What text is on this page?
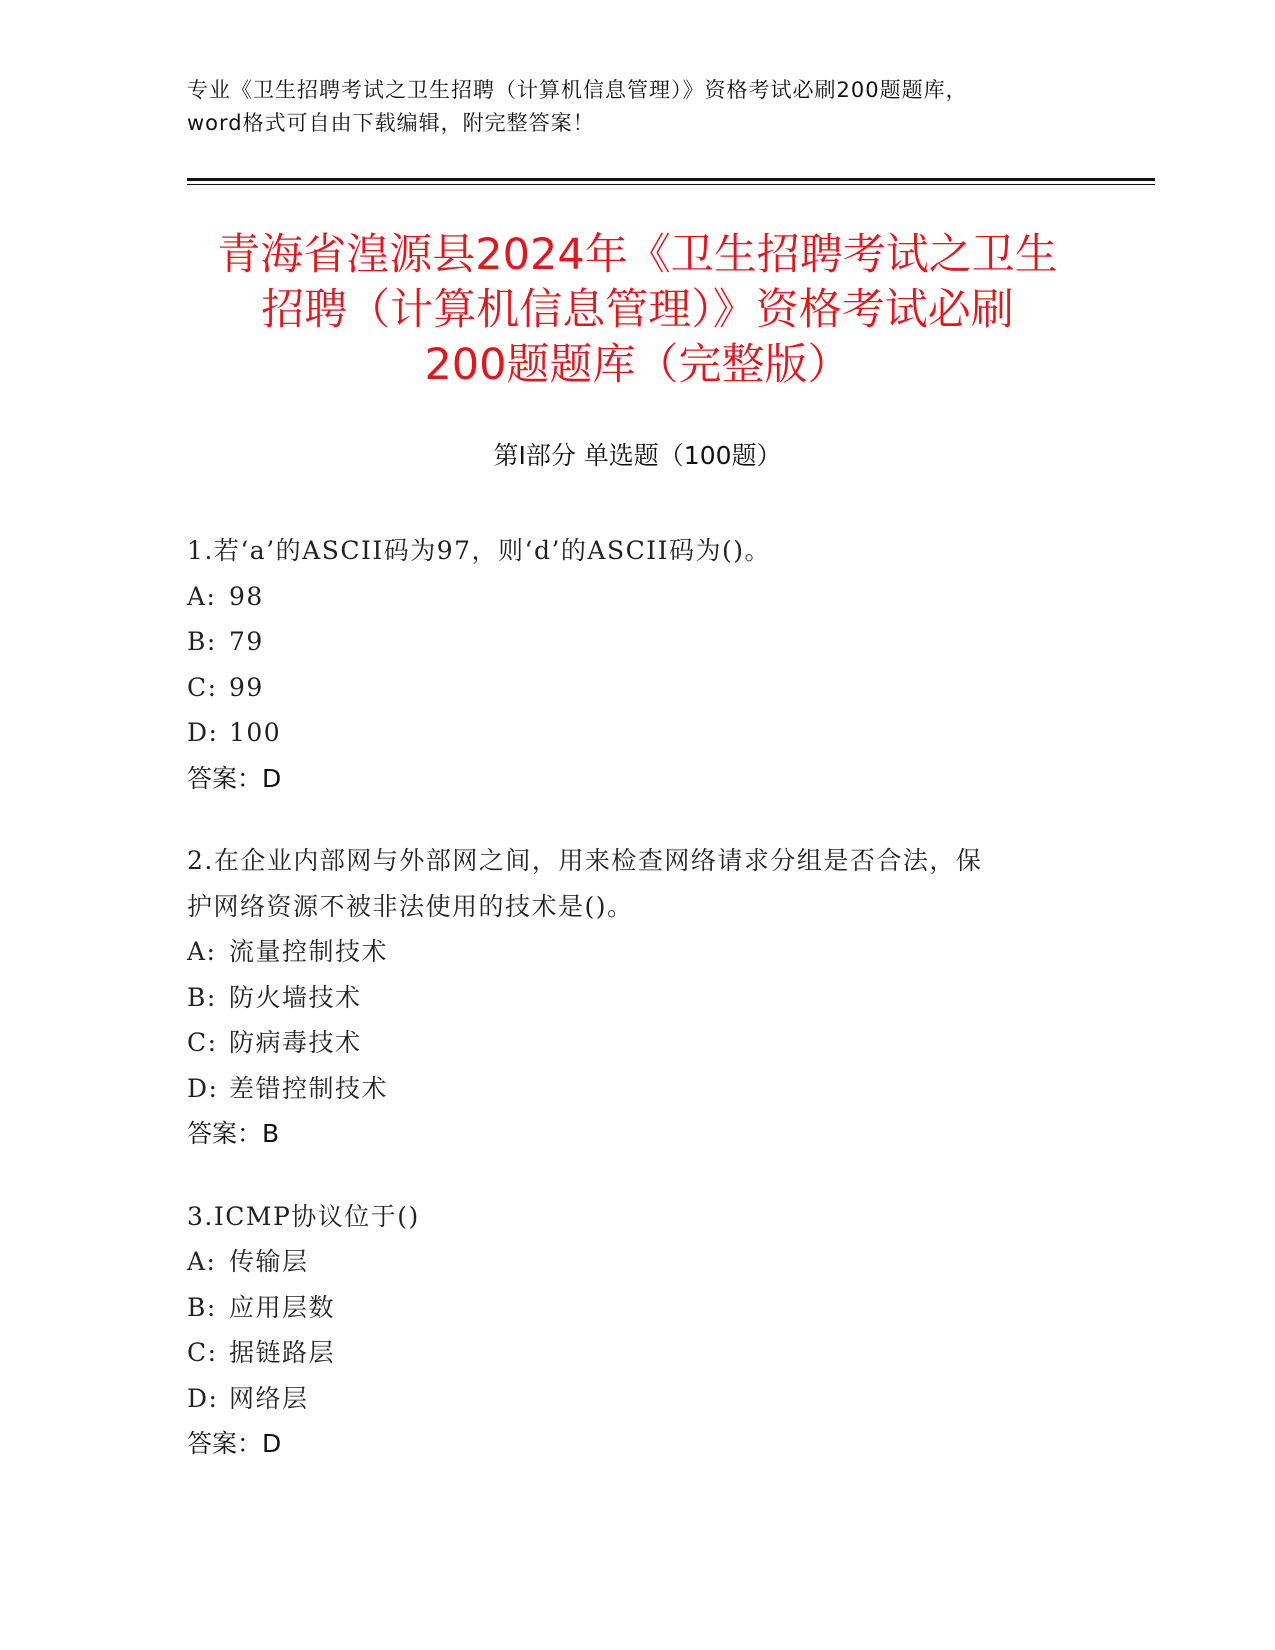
专业《卫生招聘考试之卫生招聘（计算机信息管理）》资格考试必刷200题题库，
word格式可自由下载编辑，附完整答案！
青海省湟源县2024年《卫生招聘考试之卫生
招聘（计算机信息管理）》资格考试必刷
200题题库（完整版）
第Ⅰ部分 单选题（100题）
1.若‘a’的ASCII码为97，则‘d’的ASCII码为()。
A: 98
B: 79
C: 99
D: 100
答案：D
2.在企业内部网与外部网之间，用来检查网络请求分组是否合法，保
护网络资源不被非法使用的技术是()。
A: 流量控制技术
B: 防火墙技术
C: 防病毒技术
D: 差错控制技术
答案：B
3.ICMP协议位于()
A: 传输层
B: 应用层数
C: 据链路层
D: 网络层
答案：D
